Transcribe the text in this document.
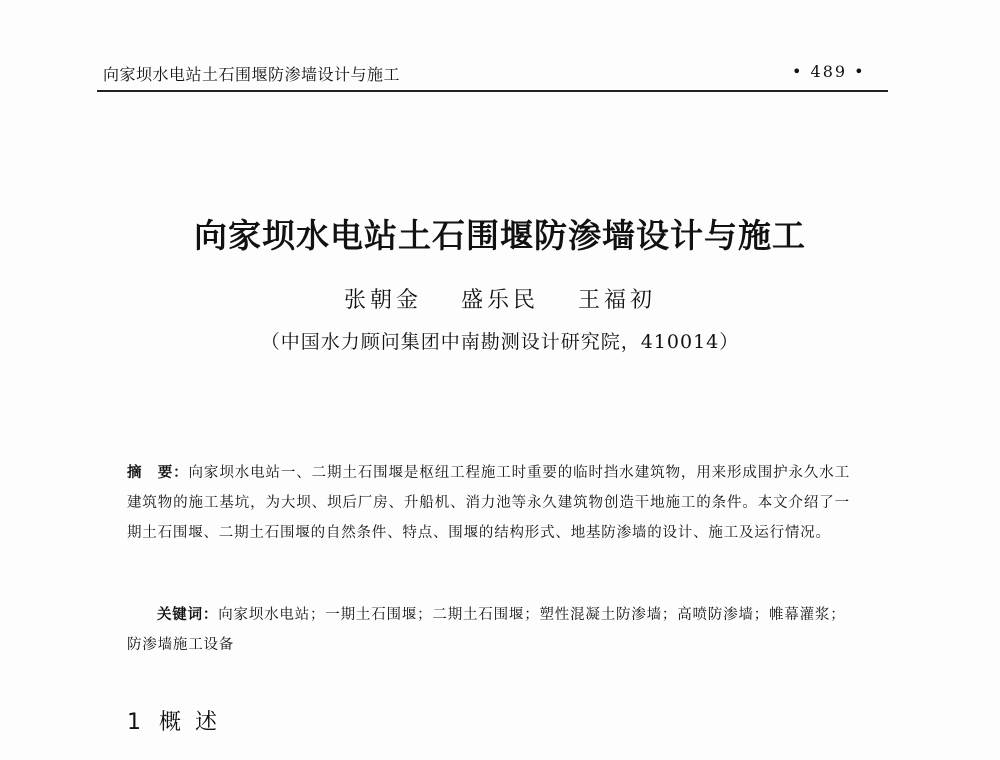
向家坝水电站土石围堰防渗墙设计与施工	• 489 •
向家坝水电站土石围堰防渗墙设计与施工
张朝金 盛乐民 王福初
（中国水力顾问集团中南勘测设计研究院，410014）
摘　要：向家坝水电站一、二期土石围堰是枢纽工程施工时重要的临时挡水建筑物，用来形成围护永久水工建筑物的施工基坑，为大坝、坝后厂房、升船机、消力池等永久建筑物创造干地施工的条件。本文介绍了一期土石围堰、二期土石围堰的自然条件、特点、围堰的结构形式、地基防渗墙的设计、施工及运行情况。
关键词：向家坝水电站；一期土石围堰；二期土石围堰；塑性混凝土防渗墙；高喷防渗墙；帷幕灌浆；防渗墙施工设备
1 概述
